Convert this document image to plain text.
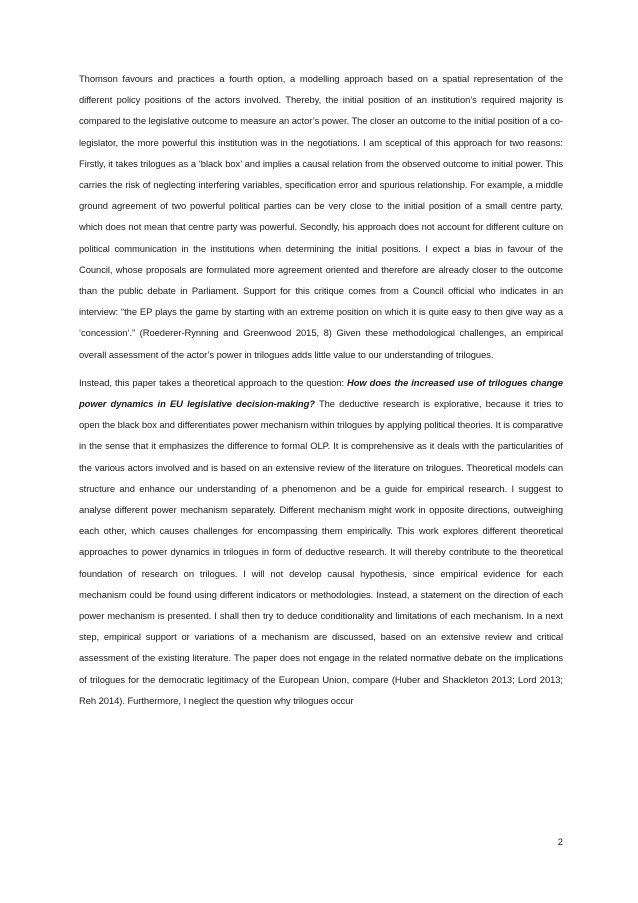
Thomson favours and practices a fourth option, a modelling approach based on a spatial representation of the different policy positions of the actors involved. Thereby, the initial position of an institution’s required majority is compared to the legislative outcome to measure an actor’s power. The closer an outcome to the initial position of a co-legislator, the more powerful this institution was in the negotiations. I am sceptical of this approach for two reasons: Firstly, it takes trilogues as a ‘black box’ and implies a causal relation from the observed outcome to initial power. This carries the risk of neglecting interfering variables, specification error and spurious relationship. For example, a middle ground agreement of two powerful political parties can be very close to the initial position of a small centre party, which does not mean that centre party was powerful. Secondly, his approach does not account for different culture on political communication in the institutions when determining the initial positions. I expect a bias in favour of the Council, whose proposals are formulated more agreement oriented and therefore are already closer to the outcome than the public debate in Parliament. Support for this critique comes from a Council official who indicates in an interview: “the EP plays the game by starting with an extreme position on which it is quite easy to then give way as a ‘concession’.” (Roederer-Rynning and Greenwood 2015, 8) Given these methodological challenges, an empirical overall assessment of the actor’s power in trilogues adds little value to our understanding of trilogues.

Instead, this paper takes a theoretical approach to the question: How does the increased use of trilogues change power dynamics in EU legislative decision-making? The deductive research is explorative, because it tries to open the black box and differentiates power mechanism within trilogues by applying political theories. It is comparative in the sense that it emphasizes the difference to formal OLP. It is comprehensive as it deals with the particularities of the various actors involved and is based on an extensive review of the literature on trilogues. Theoretical models can structure and enhance our understanding of a phenomenon and be a guide for empirical research. I suggest to analyse different power mechanism separately. Different mechanism might work in opposite directions, outweighing each other, which causes challenges for encompassing them empirically. This work explores different theoretical approaches to power dynamics in trilogues in form of deductive research. It will thereby contribute to the theoretical foundation of research on trilogues. I will not develop causal hypothesis, since empirical evidence for each mechanism could be found using different indicators or methodologies. Instead, a statement on the direction of each power mechanism is presented. I shall then try to deduce conditionality and limitations of each mechanism. In a next step, empirical support or variations of a mechanism are discussed, based on an extensive review and critical assessment of the existing literature. The paper does not engage in the related normative debate on the implications of trilogues for the democratic legitimacy of the European Union, compare (Huber and Shackleton 2013; Lord 2013; Reh 2014). Furthermore, I neglect the question why trilogues occur

2
